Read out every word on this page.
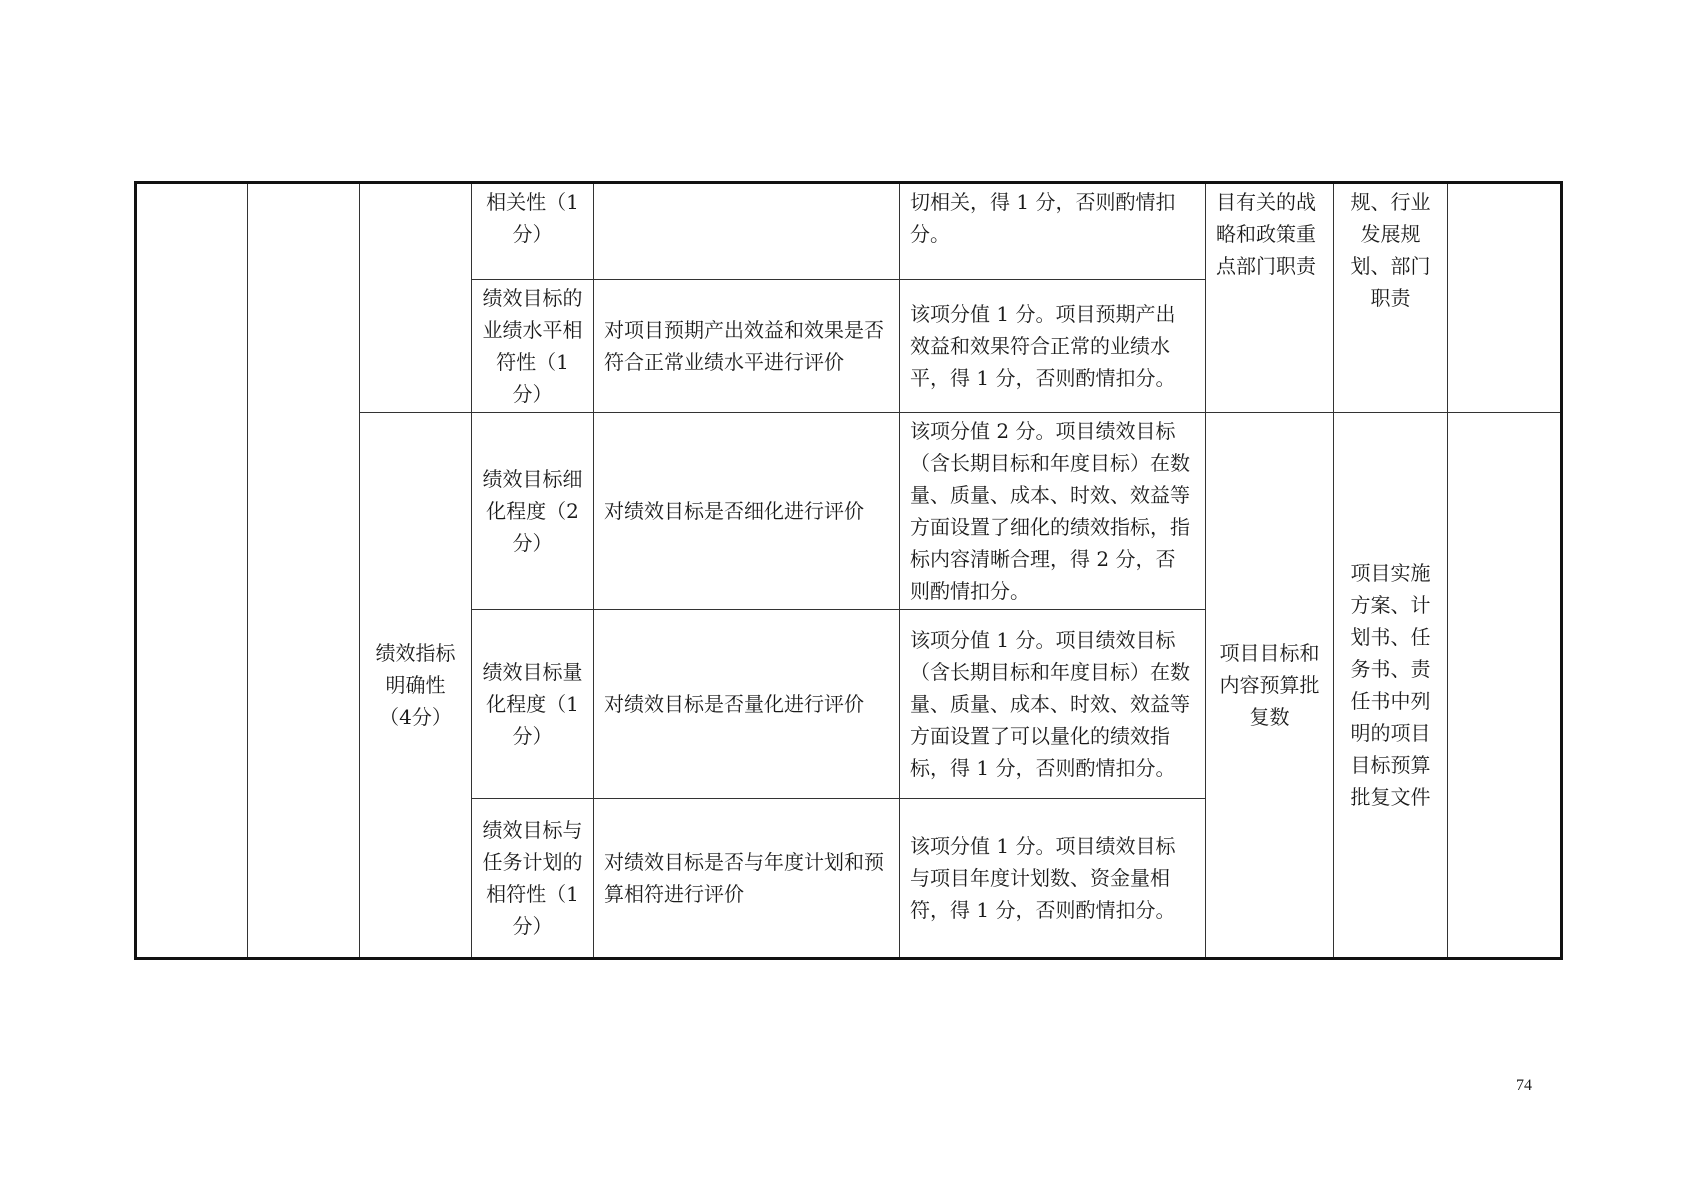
			相关性（1分）		切相关，得 1 分，否则酌情扣分。	目有关的战略和政策重点部门职责	规、行业发展规划、部门职责	
			绩效目标的业绩水平相符性（1分）	对项目预期产出效益和效果是否符合正常业绩水平进行评价	该项分值 1 分。项目预期产出效益和效果符合正常的业绩水平，得 1 分，否则酌情扣分。			
		绩效指标明确性（4分）	绩效目标细化程度（2分）	对绩效目标是否细化进行评价	该项分值 2 分。项目绩效目标（含长期目标和年度目标）在数量、质量、成本、时效、效益等方面设置了细化的绩效指标，指标内容清晰合理，得 2 分，否则酌情扣分。	项目目标和内容预算批复数	项目实施方案、计划书、任务书、责任书中列明的项目目标预算批复文件	
			绩效目标量化程度（1分）	对绩效目标是否量化进行评价	该项分值 1 分。项目绩效目标（含长期目标和年度目标）在数量、质量、成本、时效、效益等方面设置了可以量化的绩效指标，得 1 分，否则酌情扣分。			
			绩效目标与任务计划的相符性（1分）	对绩效目标是否与年度计划和预算相符进行评价	该项分值 1 分。项目绩效目标与项目年度计划数、资金量相符，得 1 分，否则酌情扣分。			
74
